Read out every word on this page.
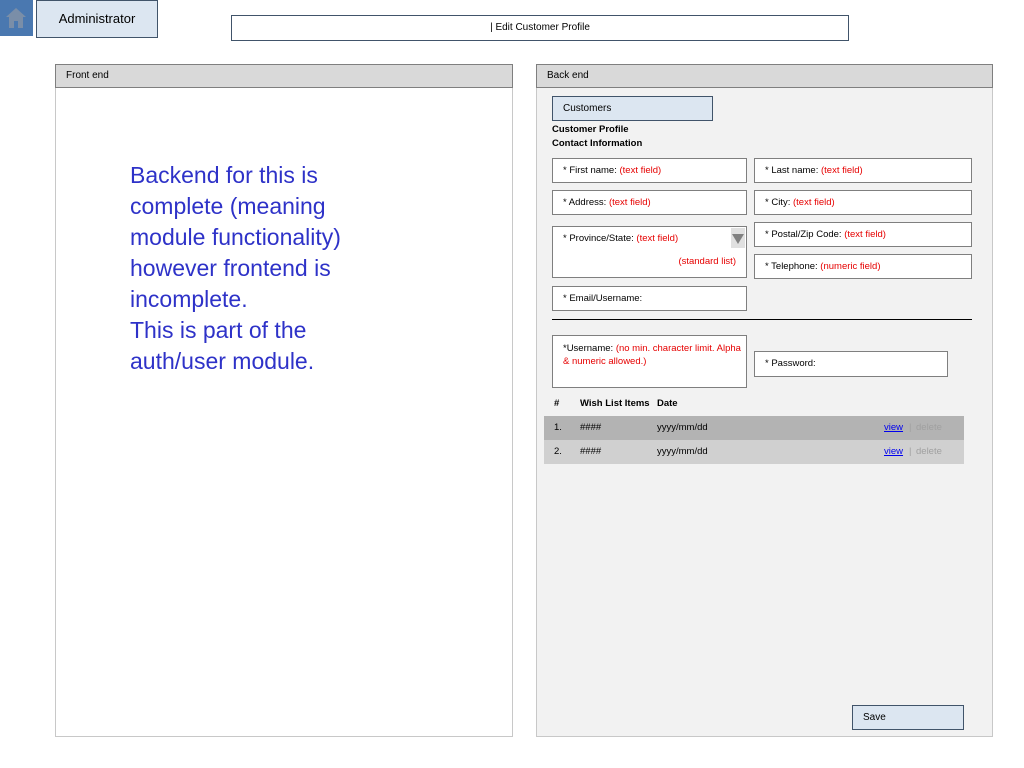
Administrator
| Edit Customer Profile
Front end
Backend for this is complete (meaning module functionality) however frontend is incomplete.
This is part of the auth/user module.
Back end
Customers
Customer Profile
Contact Information
* First name: (text field)	* Last name: (text field)
* Address: (text field)	* City: (text field)
* Province/State: (text field)
(standard list)
* Postal/Zip Code: (text field)
* Telephone: (numeric field)
* Email/Username:
*Username: (no min. character limit. Alpha & numeric allowed.)	* Password:
# Wish List Items Date
1. ####	yyyy/mm/dd	view | delete
2. ####	yyyy/mm/dd	view | delete
Save
